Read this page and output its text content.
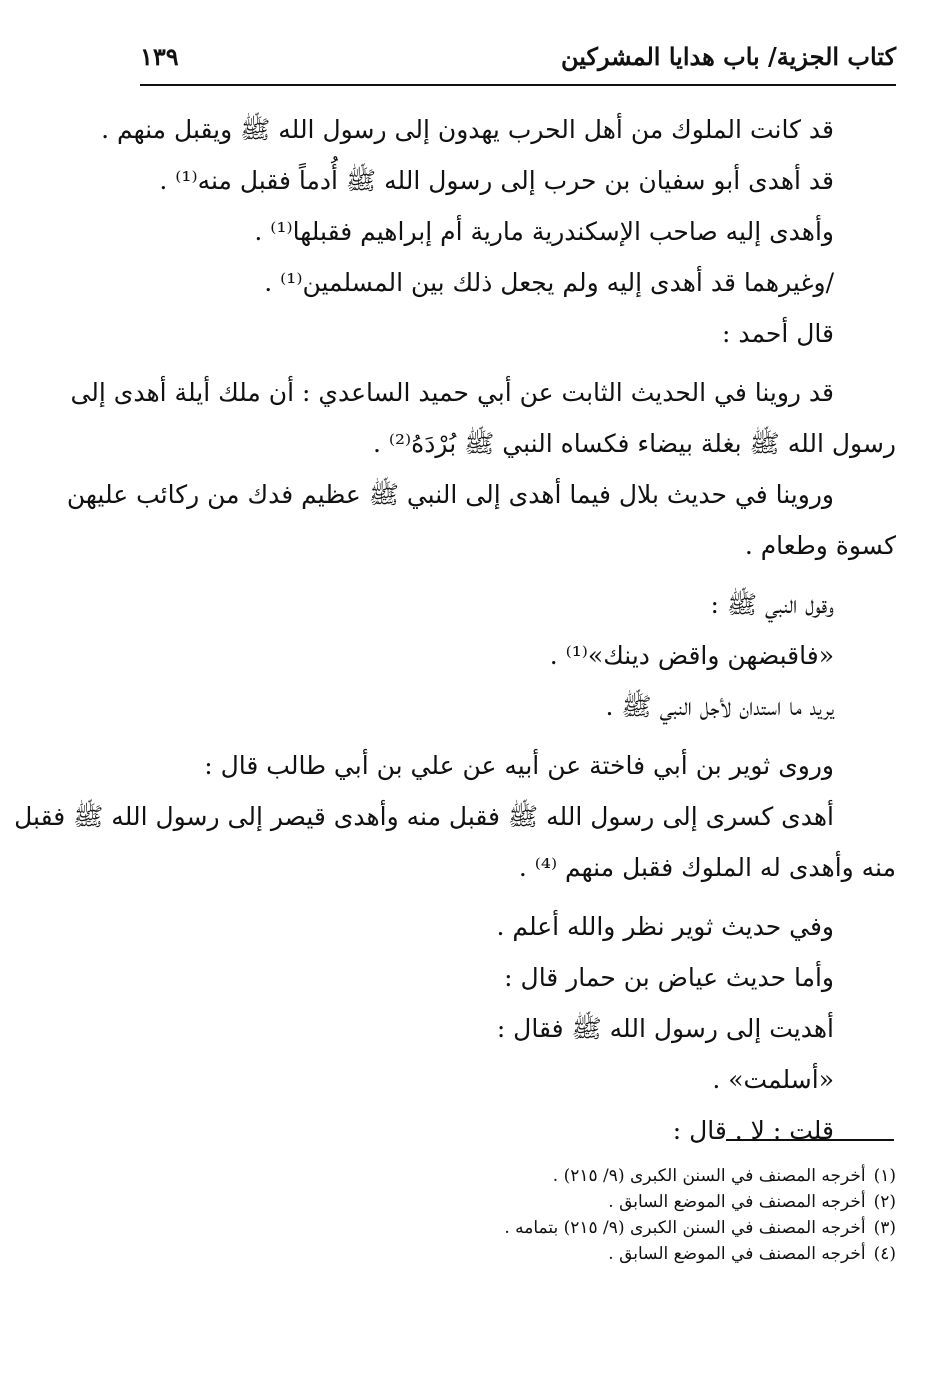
كتاب الجزية/ باب هدايا المشركين
١٣٩
قد كانت الملوك من أهل الحرب يهدون إلى رسول الله ﷺ ويقبل منهم .
قد أهدى أبو سفيان بن حرب إلى رسول الله ﷺ أُدماً فقبل منه⁽¹⁾ .
وأهدى إليه صاحب الإسكندرية مارية أم إبراهيم فقبلها⁽¹⁾ .
/وغيرهما قد أهدى إليه ولم يجعل ذلك بين المسلمين⁽¹⁾ .
قال أحمد :
قد روينا في الحديث الثابت عن أبي حميد الساعدي : أن ملك أيلة أهدى إلى
رسول الله ﷺ بغلة بيضاء فكساه النبي ﷺ بُرْدَهُ⁽²⁾ .
وروينا في حديث بلال فيما أهدى إلى النبي ﷺ عظيم فدك من ركائب عليهن
كسوة وطعام .
وقول النبي ﷺ :
«فاقبضهن واقض دينك»⁽¹⁾ .
يريد ما استدان لأجل النبي ﷺ .
وروى ثوير بن أبي فاختة عن أبيه عن علي بن أبي طالب قال :
أهدى كسرى إلى رسول الله ﷺ فقبل منه وأهدى قيصر إلى رسول الله ﷺ فقبل
منه وأهدى له الملوك فقبل منهم ⁽⁴⁾ .
وفي حديث ثوير نظر والله أعلم .
وأما حديث عياض بن حمار قال :
أهديت إلى رسول الله ﷺ فقال :
«أسلمت» .
قلت : لا . قال :
(١)أخرجه المصنف في السنن الكبرى (٩/ ٢١٥) .
(٢)أخرجه المصنف في الموضع السابق .
(٣)أخرجه المصنف في السنن الكبرى (٩/ ٢١٥) بتمامه .
(٤)أخرجه المصنف في الموضع السابق .
